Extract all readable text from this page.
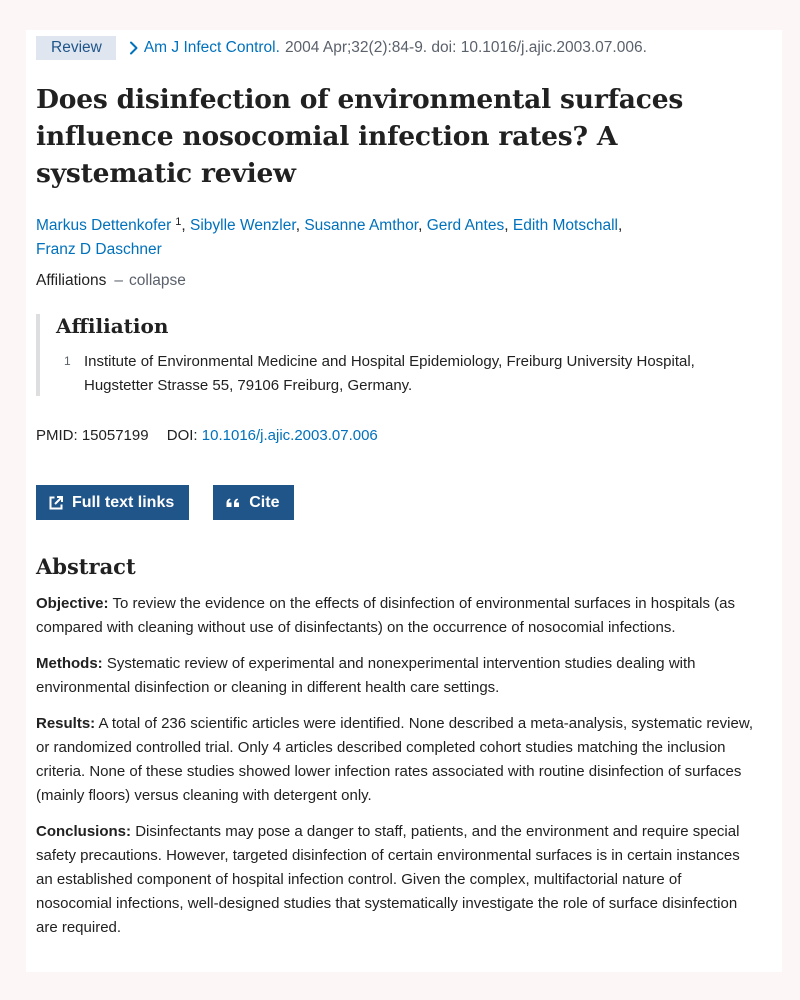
Review	Am J Infect Control. 2004 Apr;32(2):84-9. doi: 10.1016/j.ajic.2003.07.006.
Does disinfection of environmental surfaces influence nosocomial infection rates? A systematic review
Markus Dettenkofer $^1$, Sibylle Wenzler, Susanne Amthor, Gerd Antes, Edith Motschall,
Franz D Daschner
Affiliations – collapse
Affiliation
1 Institute of Environmental Medicine and Hospital Epidemiology, Freiburg University Hospital, Hugstetter Strasse 55, 79106 Freiburg, Germany.
PMID: 15057199 DOI: 10.1016/j.ajic.2003.07.006
Full text links	Cite
Abstract

Objective: To review the evidence on the effects of disinfection of environmental surfaces in hospitals (as compared with cleaning without use of disinfectants) on the occurrence of nosocomial infections.

Methods: Systematic review of experimental and nonexperimental intervention studies dealing with environmental disinfection or cleaning in different health care settings.

Results: A total of 236 scientific articles were identified. None described a meta-analysis, systematic review, or randomized controlled trial. Only 4 articles described completed cohort studies matching the inclusion criteria. None of these studies showed lower infection rates associated with routine disinfection of surfaces (mainly floors) versus cleaning with detergent only.

Conclusions: Disinfectants may pose a danger to staff, patients, and the environment and require special safety precautions. However, targeted disinfection of certain environmental surfaces is in certain instances an established component of hospital infection control. Given the complex, multifactorial nature of nosocomial infections, well-designed studies that systematically investigate the role of surface disinfection are required.
